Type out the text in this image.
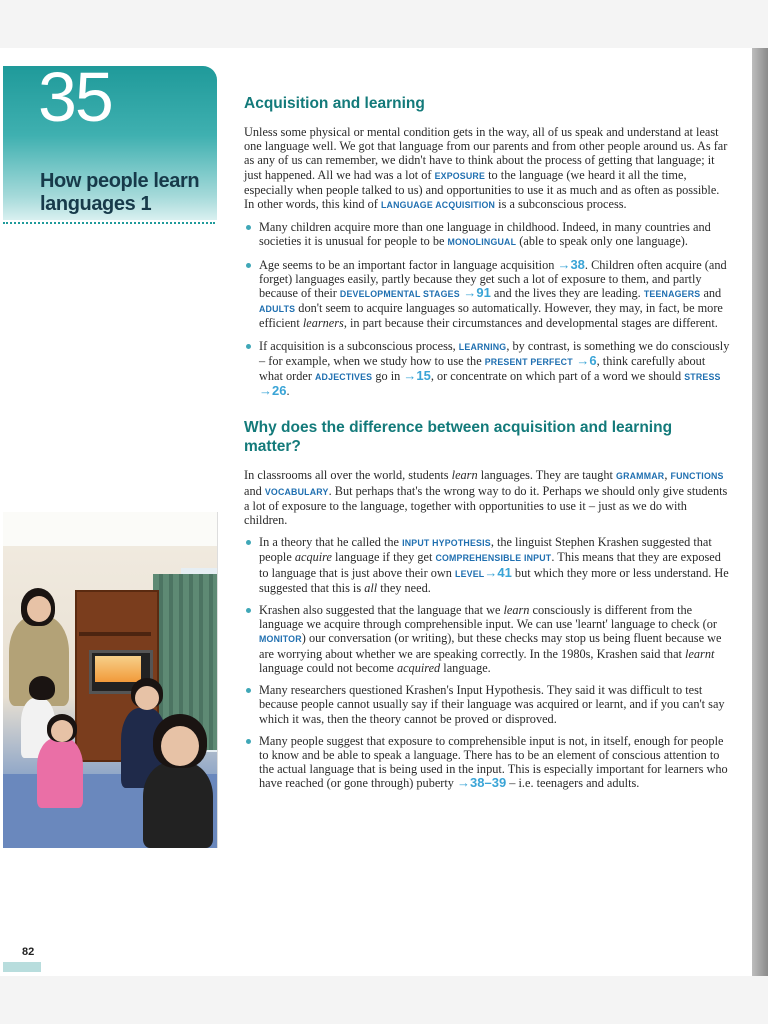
35
How people learn languages 1
Acquisition and learning

Unless some physical or mental condition gets in the way, all of us speak and understand at least one language well. We got that language from our parents and from other people around us. As far as any of us can remember, we didn't have to think about the process of getting that language; it just happened. All we had was a lot of EXPOSURE to the language (we heard it all the time, especially when people talked to us) and opportunities to use it as much and as often as possible. In other words, this kind of LANGUAGE ACQUISITION is a subconscious process.

Many children acquire more than one language in childhood. Indeed, in many countries and societies it is unusual for people to be MONOLINGUAL (able to speak only one language).
Age seems to be an important factor in language acquisition →38. Children often acquire (and forget) languages easily, partly because they get such a lot of exposure to them, and partly because of their DEVELOPMENTAL STAGES →91 and the lives they are leading. TEENAGERS and ADULTS don't seem to acquire languages so automatically. However, they may, in fact, be more efficient learners, in part because their circumstances and developmental stages are different.
If acquisition is a subconscious process, LEARNING, by contrast, is something we do consciously – for example, when we study how to use the PRESENT PERFECT →6, think carefully about what order ADJECTIVES go in →15, or concentrate on which part of a word we should STRESS →26.
Why does the difference between acquisition and learning matter?

In classrooms all over the world, students learn languages. They are taught GRAMMAR, FUNCTIONS and VOCABULARY. But perhaps that's the wrong way to do it. Perhaps we should only give students a lot of exposure to the language, together with opportunities to use it – just as we do with children.

In a theory that he called the INPUT HYPOTHESIS, the linguist Stephen Krashen suggested that people acquire language if they get COMPREHENSIBLE INPUT. This means that they are exposed to language that is just above their own LEVEL→41 but which they more or less understand. He suggested that this is all they need.
Krashen also suggested that the language that we learn consciously is different from the language we acquire through comprehensible input. We can use 'learnt' language to check (or MONITOR) our conversation (or writing), but these checks may stop us being fluent because we are worrying about whether we are speaking correctly. In the 1980s, Krashen said that learnt language could not become acquired language.
Many researchers questioned Krashen's Input Hypothesis. They said it was difficult to test because people cannot usually say if their language was acquired or learnt, and if you can't say which it was, then the theory cannot be proved or disproved.
Many people suggest that exposure to comprehensible input is not, in itself, enough for people to know and be able to speak a language. There has to be an element of conscious attention to the actual language that is being used in the input. This is especially important for learners who have reached (or gone through) puberty →38–39 – i.e. teenagers and adults.
82
